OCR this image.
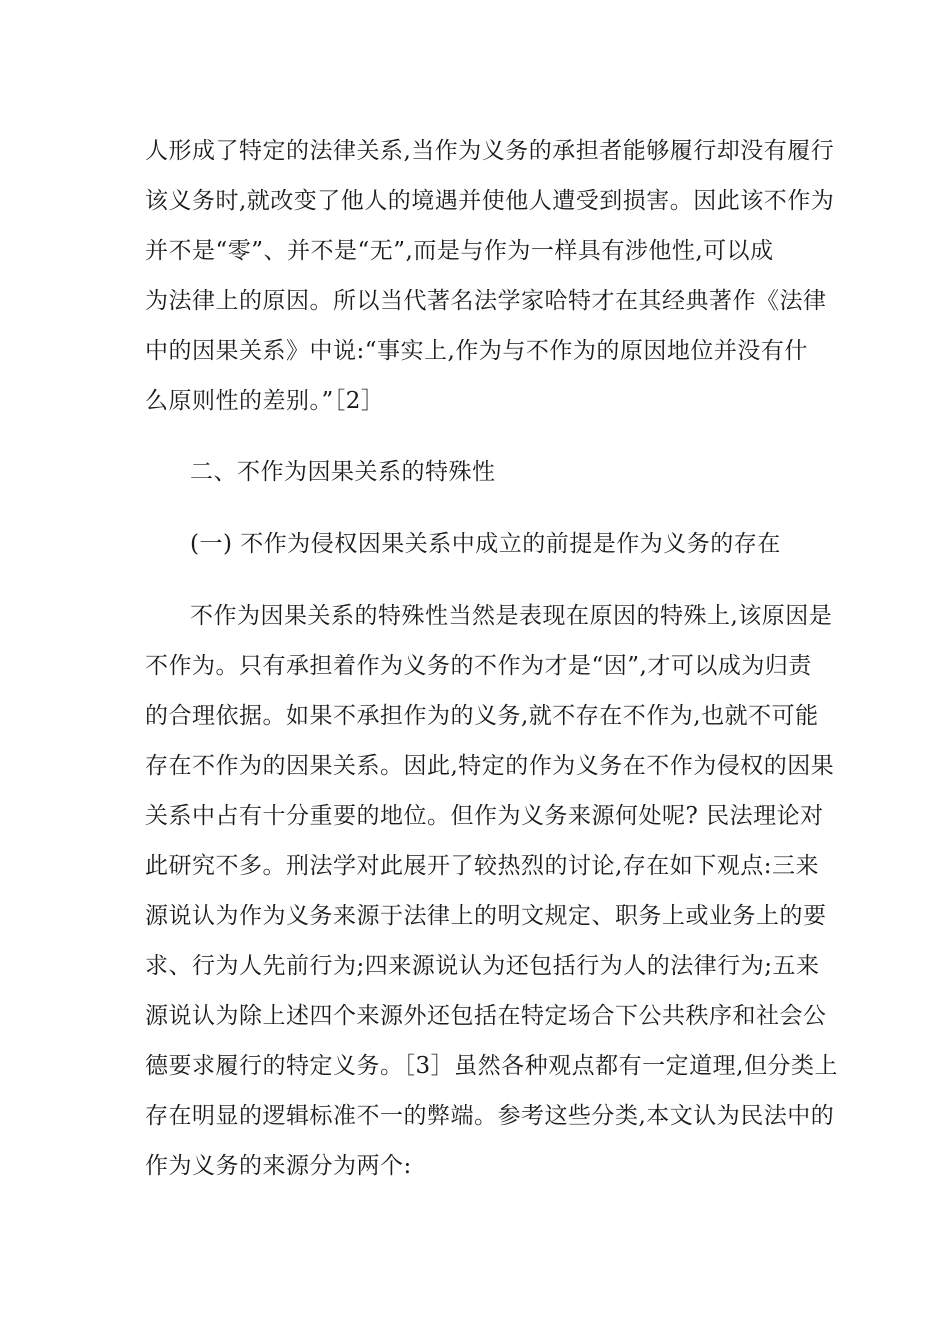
人形成了特定的法律关系,当作为义务的承担者能够履行却没有履行
该义务时,就改变了他人的境遇并使他人遭受到损害。因此该不作为
并不是“零”、并不是“无”,而是与作为一样具有涉他性,可以成
为法律上的原因。所以当代著名法学家哈特才在其经典著作《法律
中的因果关系》中说:“事实上,作为与不作为的原因地位并没有什
么原则性的差别。”［2］
二、不作为因果关系的特殊性
(一) 不作为侵权因果关系中成立的前提是作为义务的存在
不作为因果关系的特殊性当然是表现在原因的特殊上,该原因是
不作为。只有承担着作为义务的不作为才是“因”,才可以成为归责
的合理依据。如果不承担作为的义务,就不存在不作为,也就不可能
存在不作为的因果关系。因此,特定的作为义务在不作为侵权的因果
关系中占有十分重要的地位。但作为义务来源何处呢? 民法理论对
此研究不多。刑法学对此展开了较热烈的讨论,存在如下观点:三来
源说认为作为义务来源于法律上的明文规定、职务上或业务上的要
求、行为人先前行为;四来源说认为还包括行为人的法律行为;五来
源说认为除上述四个来源外还包括在特定场合下公共秩序和社会公
德要求履行的特定义务。［3］虽然各种观点都有一定道理,但分类上
存在明显的逻辑标准不一的弊端。参考这些分类,本文认为民法中的
作为义务的来源分为两个:
